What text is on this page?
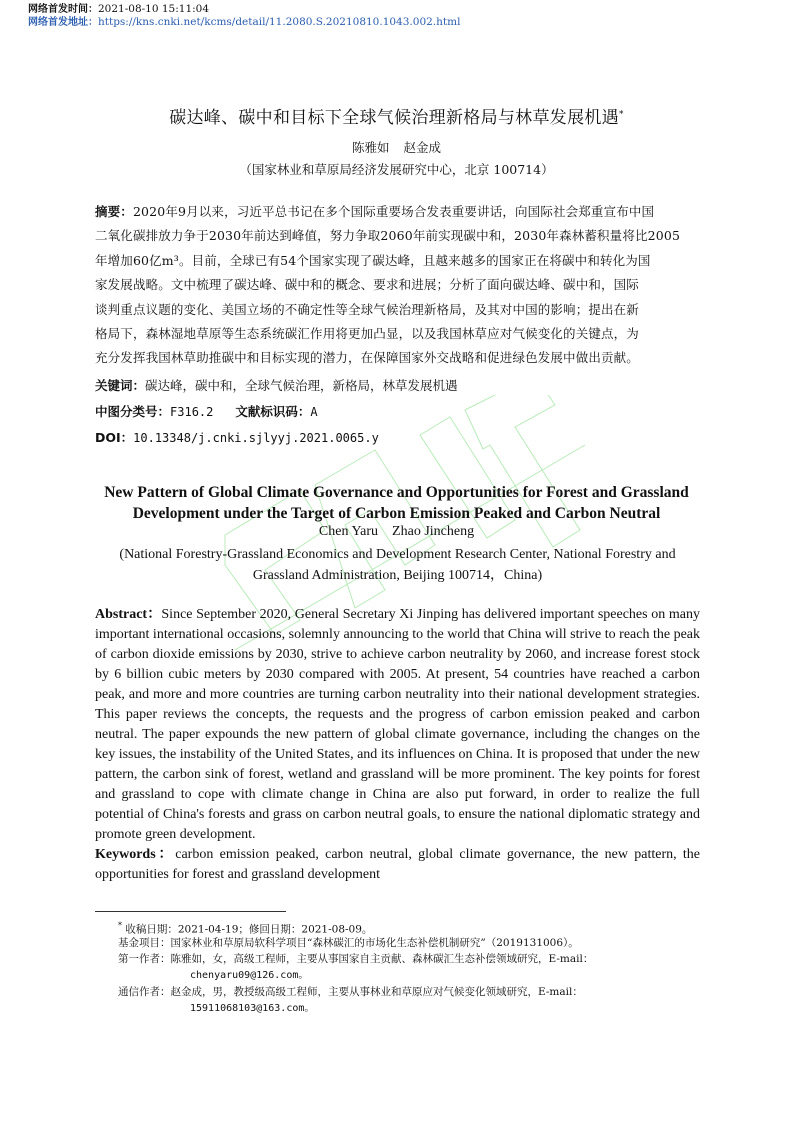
网络首发时间：2021-08-10 15:11:04
网络首发地址：https://kns.cnki.net/kcms/detail/11.2080.S.20210810.1043.002.html
碳达峰、碳中和目标下全球气候治理新格局与林草发展机遇*
陈雅如 赵金成
（国家林业和草原局经济发展研究中心，北京 100714）
摘要：2020年9月以来，习近平总书记在多个国际重要场合发表重要讲话，向国际社会郑重宣布中国
二氧化碳排放力争于2030年前达到峰值，努力争取2060年前实现碳中和，2030年森林蓄积量将比2005
年增加60亿m³。目前，全球已有54个国家实现了碳达峰，且越来越多的国家正在将碳中和转化为国
家发展战略。文中梳理了碳达峰、碳中和的概念、要求和进展；分析了面向碳达峰、碳中和，国际
谈判重点议题的变化、美国立场的不确定性等全球气候治理新格局，及其对中国的影响；提出在新
格局下，森林湿地草原等生态系统碳汇作用将更加凸显，以及我国林草应对气候变化的关键点，为
充分发挥我国林草助推碳中和目标实现的潜力，在保障国家外交战略和促进绿色发展中做出贡献。
关键词：碳达峰，碳中和，全球气候治理，新格局，林草发展机遇
中图分类号：F316.2 文献标识码：A
DOI：10.13348/j.cnki.sjlyyj.2021.0065.y
New Pattern of Global Climate Governance and Opportunities for Forest and Grassland
Development under the Target of Carbon Emission Peaked and Carbon Neutral
Chen Yaru Zhao Jincheng
(National Forestry-Grassland Economics and Development Research Center, National Forestry and
Grassland Administration, Beijing 100714，China)
Abstract：Since September 2020, General Secretary Xi Jinping has delivered important speeches on many important international occasions, solemnly announcing to the world that China will strive to reach the peak of carbon dioxide emissions by 2030, strive to achieve carbon neutrality by 2060, and increase forest stock by 6 billion cubic meters by 2030 compared with 2005. At present, 54 countries have reached a carbon peak, and more and more countries are turning carbon neutrality into their national development strategies. This paper reviews the concepts, the requests and the progress of carbon emission peaked and carbon neutral. The paper expounds the new pattern of global climate governance, including the changes on the key issues, the instability of the United States, and its influences on China. It is proposed that under the new pattern, the carbon sink of forest, wetland and grassland will be more prominent. The key points for forest and grassland to cope with climate change in China are also put forward, in order to realize the full potential of China's forests and grass on carbon neutral goals, to ensure the national diplomatic strategy and promote green development.
Keywords：carbon emission peaked, carbon neutral, global climate governance, the new pattern, the opportunities for forest and grassland development
* 收稿日期：2021-04-19；修回日期：2021-08-09。
基金项目：国家林业和草原局软科学项目“森林碳汇的市场化生态补偿机制研究”（2019131006）。
第一作者：陈雅如，女，高级工程师，主要从事国家自主贡献、森林碳汇生态补偿领域研究，E-mail：
chenyaru09@126.com。
通信作者：赵金成，男，教授级高级工程师，主要从事林业和草原应对气候变化领域研究，E-mail：
15911068103@163.com。
